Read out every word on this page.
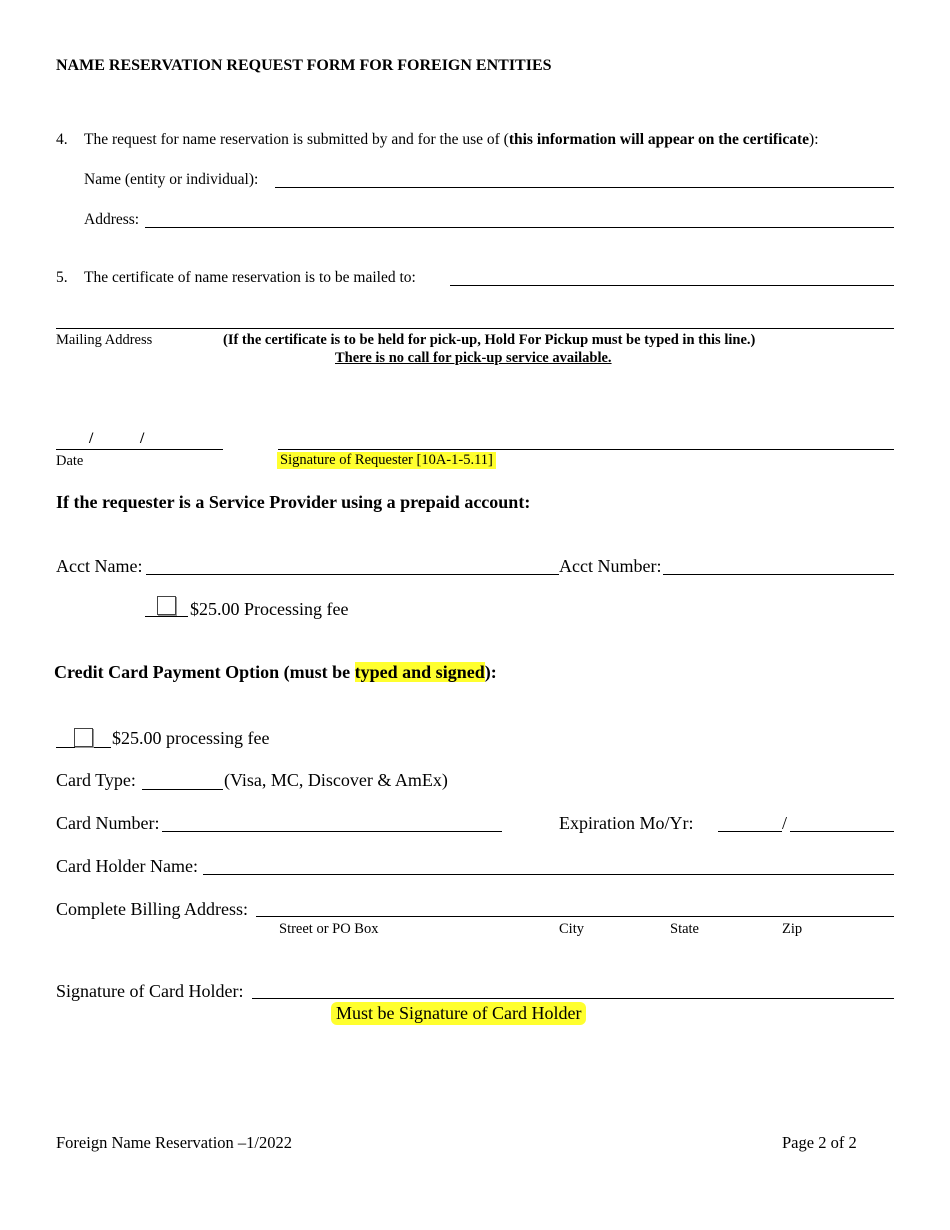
NAME RESERVATION REQUEST FORM FOR FOREIGN ENTITIES
4. The request for name reservation is submitted by and for the use of (this information will appear on the certificate):
Name (entity or individual):
Address:
5. The certificate of name reservation is to be mailed to:
Mailing Address	(If the certificate is to be held for pick-up, Hold For Pickup must be typed in this line.)
There is no call for pick-up service available.
/	/
Date	Signature of Requester [10A-1-5.11]
If the requester is a Service Provider using a prepaid account:
Acct Name:	Acct Number:
$25.00 Processing fee
Credit Card Payment Option (must be typed and signed):
$25.00 processing fee
Card Type:	(Visa, MC, Discover & AmEx)
Card Number:	Expiration Mo/Yr:	/
Card Holder Name:
Complete Billing Address:
Street or PO Box	City	State	Zip
Signature of Card Holder:
Must be Signature of Card Holder
Foreign Name Reservation –1/2022	Page 2 of 2
